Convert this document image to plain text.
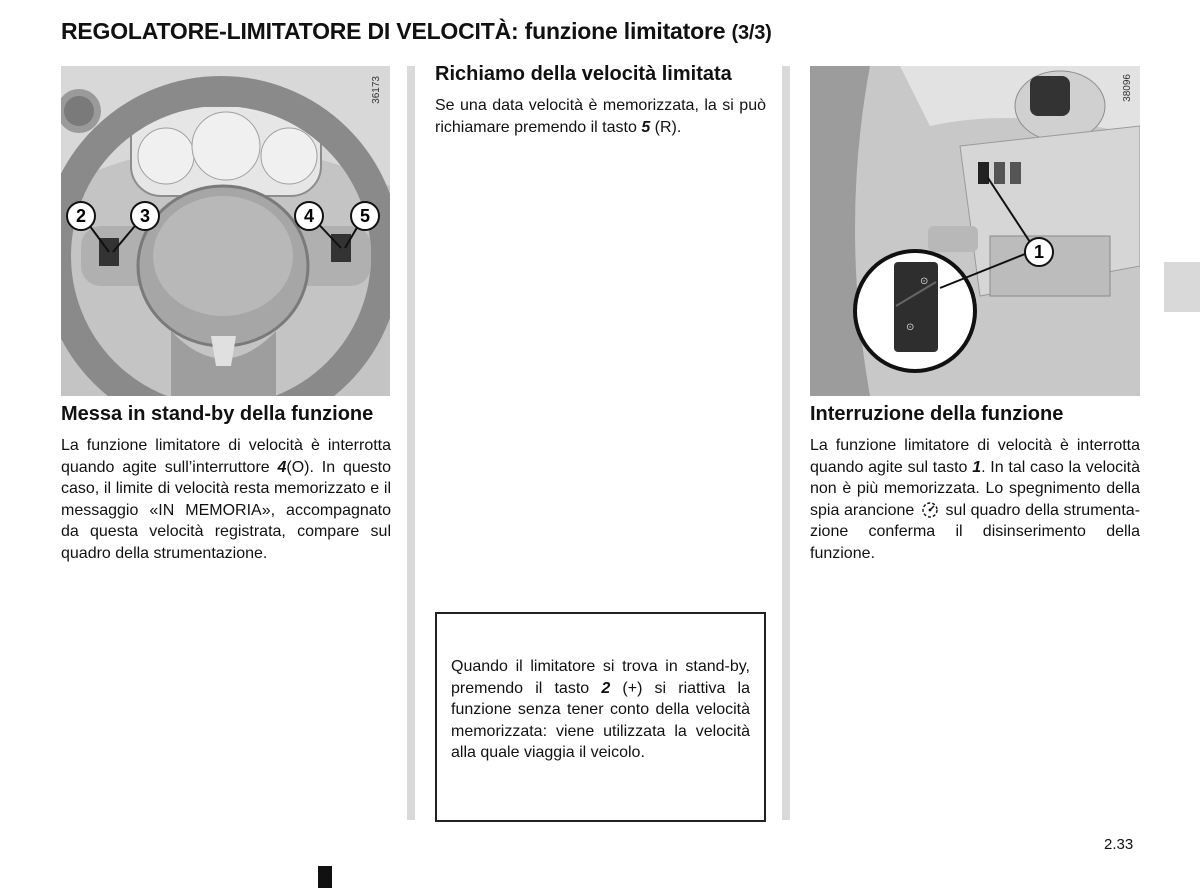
REGOLATORE-LIMITATORE DI VELOCITÀ: funzione limitatore (3/3)
36173
2	3	4	5
⊙
⊙
38096
1
Messa in stand-by della funzione

La funzione limitatore di velocità è interrotta quando agite sull’interruttore 4(O). In questo caso, il limite di velocità resta memorizzato e il messaggio «IN MEMORIA», accompagnato da questa velocità registrata, compare sul quadro della strumentazione.

Richiamo della velocità limitata

Se una data velocità è memorizzata, la si può richiamare premendo il tasto 5 (R).

Quando il limitatore si trova in stand-by, premendo il tasto 2 (+) si riattiva la funzione senza tener conto della velocità memorizzata: viene utilizzata la velocità alla quale viaggia il veicolo.

Interruzione della funzione

La funzione limitatore di velocità è interrotta quando agite sul tasto 1. In tal caso la velocità non è più memorizzata. Lo spegnimento della spia arancione  sul quadro della strumentazione conferma il disinserimento della funzione.

2.33
